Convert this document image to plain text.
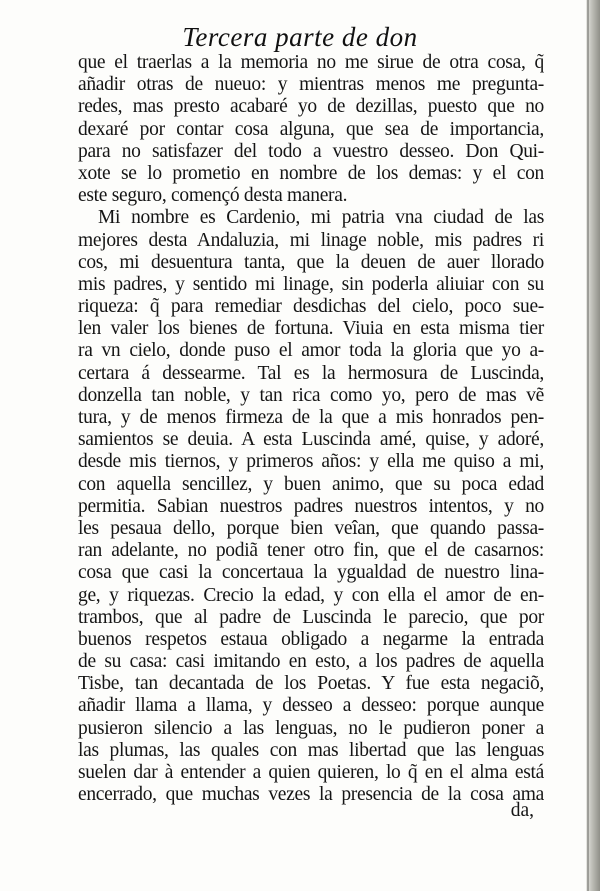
Tercera parte de don
que el traerlas a la memoria no me sirue de otra cosa, q̃
añadir otras de nueuo: y mientras menos me pregunta-
redes, mas presto acabaré yo de dezillas, puesto que no
dexaré por contar cosa alguna, que sea de importancia,
para no satisfazer del todo a vuestro desseo. Don Qui-
xote se lo prometio en nombre de los demas: y el con
este seguro, començó desta manera.
Mi nombre es Cardenio, mi patria vna ciudad de las
mejores desta Andaluzia, mi linage noble, mis padres ri
cos, mi desuentura tanta, que la deuen de auer llorado
mis padres, y sentido mi linage, sin poderla aliuiar con su
riqueza: q̃ para remediar desdichas del cielo, poco sue-
len valer los bienes de fortuna. Viuia en esta misma tier
ra vn cielo, donde puso el amor toda la gloria que yo a-
certara á dessearme. Tal es la hermosura de Luscinda,
donzella tan noble, y tan rica como yo, pero de mas vẽ
tura, y de menos firmeza de la que a mis honrados pen-
samientos se deuia. A esta Luscinda amé, quise, y adoré,
desde mis tiernos, y primeros años: y ella me quiso a mi,
con aquella sencillez, y buen animo, que su poca edad
permitia. Sabian nuestros padres nuestros intentos, y no
les pesaua dello, porque bien veîan, que quando passa-
ran adelante, no podiã tener otro fin, que el de casarnos:
cosa que casi la concertaua la ygualdad de nuestro lina-
ge, y riquezas. Crecio la edad, y con ella el amor de en-
trambos, que al padre de Luscinda le parecio, que por
buenos respetos estaua obligado a negarme la entrada
de su casa: casi imitando en esto, a los padres de aquella
Tisbe, tan decantada de los Poetas. Y fue esta negaciõ,
añadir llama a llama, y desseo a desseo: porque aunque
pusieron silencio a las lenguas, no le pudieron poner a
las plumas, las quales con mas libertad que las lenguas
suelen dar à entender a quien quieren, lo q̃ en el alma está
encerrado, que muchas vezes la presencia de la cosa ama
da,
